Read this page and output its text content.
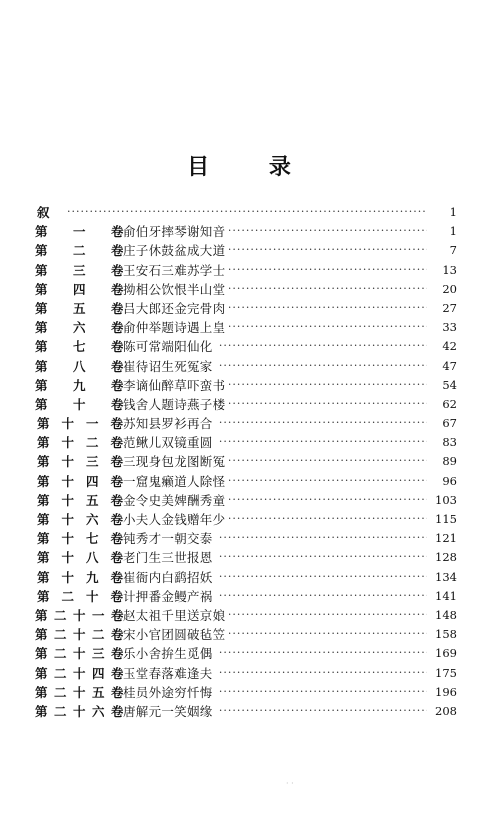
目 录
叙 ·····	1
第 一 卷 ····· 俞伯牙摔琴谢知音	1
第 二 卷 ····· 庄子休鼓盆成大道	7
第 三 卷 ····· 王安石三难苏学士	13
第 四 卷 ····· 拗相公饮恨半山堂	20
第 五 卷 ····· 吕大郎还金完骨肉	27
第 六 卷 ····· 俞仲举题诗遇上皇	33
第 七 卷 ····· 陈可常端阳仙化	42
第 八 卷 ····· 崔待诏生死冤家	47
第 九 卷 ····· 李谪仙醉草吓蛮书	54
第 十 卷 ····· 钱舍人题诗燕子楼	62
第十一卷 ····· 苏知县罗衫再合	67
第十二卷 ····· 范鳅儿双镜重圆	83
第十三卷 ····· 三现身包龙图断冤	89
第十四卷 ····· 一窟鬼癞道人除怪	96
第十五卷 ····· 金令史美婢酬秀童	103
第十六卷 ····· 小夫人金钱赠年少	115
第十七卷 ····· 钝秀才一朝交泰	121
第十八卷 ····· 老门生三世报恩	128
第十九卷 ····· 崔衙内白鹞招妖	134
第二十卷 ····· 计押番金鳗产祸	141
第二十一卷 ····· 赵太祖千里送京娘	148
第二十二卷 ····· 宋小官团圆破毡笠	158
第二十三卷 ····· 乐小舍拚生觅偶	169
第二十四卷 ····· 玉堂春落难逢夫	175
第二十五卷 ····· 桂员外途穷忏悔	196
第二十六卷 ····· 唐解元一笑姻缘	208
· ·
